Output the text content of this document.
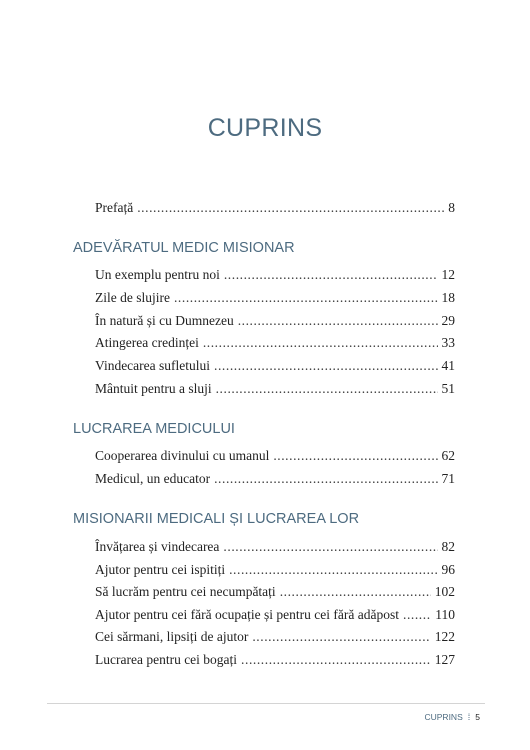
CUPRINS
Prefață . . .	8
ADEVĂRATUL MEDIC MISIONAR
Un exemplu pentru noi . . .	12
Zile de slujire . . .	18
În natură și cu Dumnezeu . . .	29
Atingerea credinței . . .	33
Vindecarea sufletului . . .	41
Mântuit pentru a sluji . . .	51
LUCRAREA MEDICULUI
Cooperarea divinului cu umanul . . .	62
Medicul, un educator . . .	71
MISIONARII MEDICALI ȘI LUCRAREA LOR
Învățarea și vindecarea . . .	82
Ajutor pentru cei ispitiți . . .	96
Să lucrăm pentru cei necumpătați . . .	102
Ajutor pentru cei fără ocupație și pentru cei fără adăpost . . .	110
Cei sărmani, lipsiți de ajutor . . .	122
Lucrarea pentru cei bogați . . .	127
CUPRINS ⁞ 5
